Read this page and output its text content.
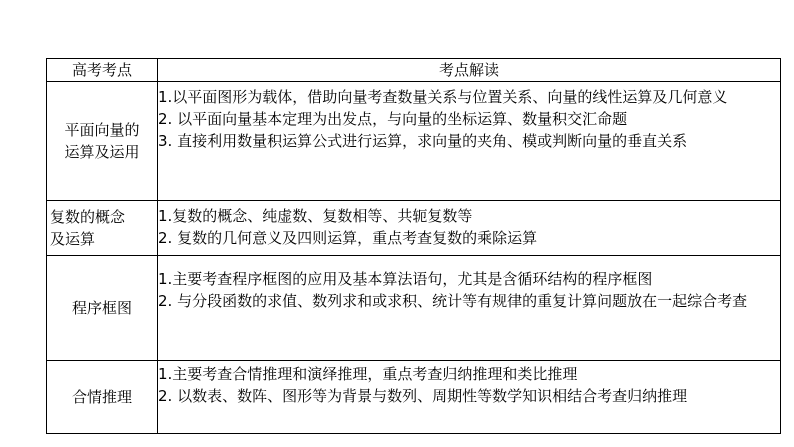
高考考点	考点解读

平面向量的
运算及运用	1.以平面图形为载体，借助向量考查数量关系与位置关系、向量的线性运算及几何意义
2. 以平面向量基本定理为出发点，与向量的坐标运算、数量积交汇命题
3. 直接利用数量积运算公式进行运算，求向量的夹角、模或判断向量的垂直关系

复数的概念
及运算	1.复数的概念、纯虚数、复数相等、共轭复数等
2. 复数的几何意义及四则运算，重点考查复数的乘除运算

程序框图	1.主要考查程序框图的应用及基本算法语句，尤其是含循环结构的程序框图
2. 与分段函数的求值、数列求和或求积、统计等有规律的重复计算问题放在一起综合考查

合情推理	1.主要考查合情推理和演绎推理，重点考查归纳推理和类比推理
2. 以数表、数阵、图形等为背景与数列、周期性等数学知识相结合考查归纳推理
